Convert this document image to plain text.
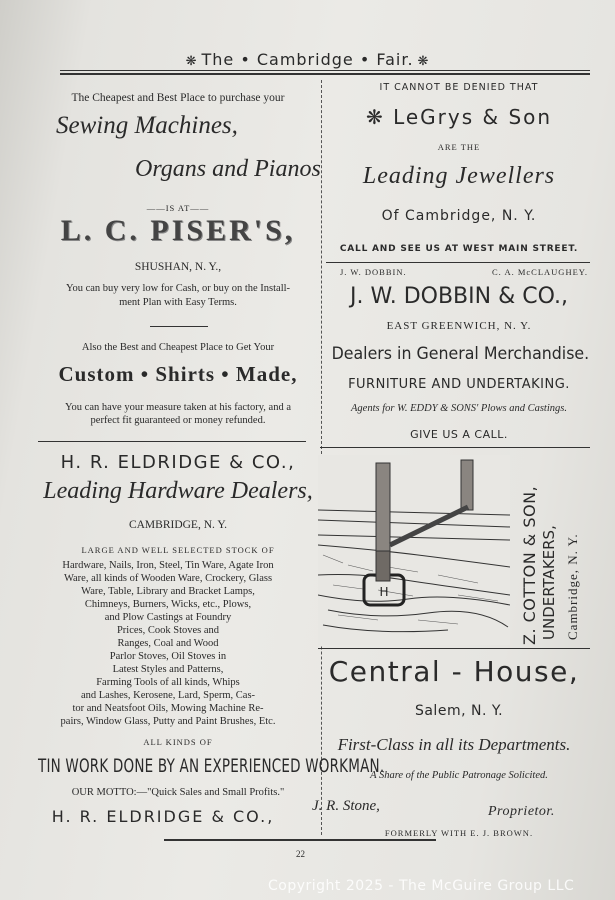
❋ The • Cambridge • Fair. ❋
The Cheapest and Best Place to purchase your
Sewing Machines,
Organs and Pianos
——IS AT——
L. C. PISER'S,
SHUSHAN, N. Y.,
You can buy very low for Cash, or buy on the Install-
ment Plan with Easy Terms.
Also the Best and Cheapest Place to Get Your
Custom • Shirts • Made,
You can have your measure taken at his factory, and a
perfect fit guaranteed or money refunded.
H. R. ELDRIDGE & CO.,
Leading Hardware Dealers,
CAMBRIDGE, N. Y.
LARGE AND WELL SELECTED STOCK OF
Hardware, Nails, Iron, Steel, Tin Ware, Agate Iron
Ware, all kinds of Wooden Ware, Crockery, Glass
Ware, Table, Library and Bracket Lamps,
Chimneys, Burners, Wicks, etc., Plows,
and Plow Castings at Foundry
Prices, Cook Stoves and
Ranges, Coal and Wood
Parlor Stoves, Oil Stoves in
Latest Styles and Patterns,
Farming Tools of all kinds, Whips
and Lashes, Kerosene, Lard, Sperm, Cas-
tor and Neatsfoot Oils, Mowing Machine Re-
pairs, Window Glass, Putty and Paint Brushes, Etc.
ALL KINDS OF
TIN WORK DONE BY AN EXPERIENCED WORKMAN.
OUR MOTTO:—"Quick Sales and Small Profits."
H. R. ELDRIDGE & CO.,
IT CANNOT BE DENIED THAT
❋ LeGrys & Son
ARE THE
Leading Jewellers
Of Cambridge, N. Y.
CALL AND SEE US AT WEST MAIN STREET.
J. W. DOBBIN.	C. A. McCLAUGHEY.
J. W. DOBBIN & CO.,
EAST GREENWICH, N. Y.
Dealers in General Merchandise.
FURNITURE AND UNDERTAKING.
Agents for W. EDDY & SONS' Plows and Castings.
GIVE US A CALL.
H	Z. COTTON & SON, UNDERTAKERS, Cambridge, N. Y.
Central - House,
Salem, N. Y.
First-Class in all its Departments.
A Share of the Public Patronage Solicited.
J. R. Stone,	Proprietor.
FORMERLY WITH E. J. BROWN.
22
Copyright 2025 - The McGuire Group LLC
